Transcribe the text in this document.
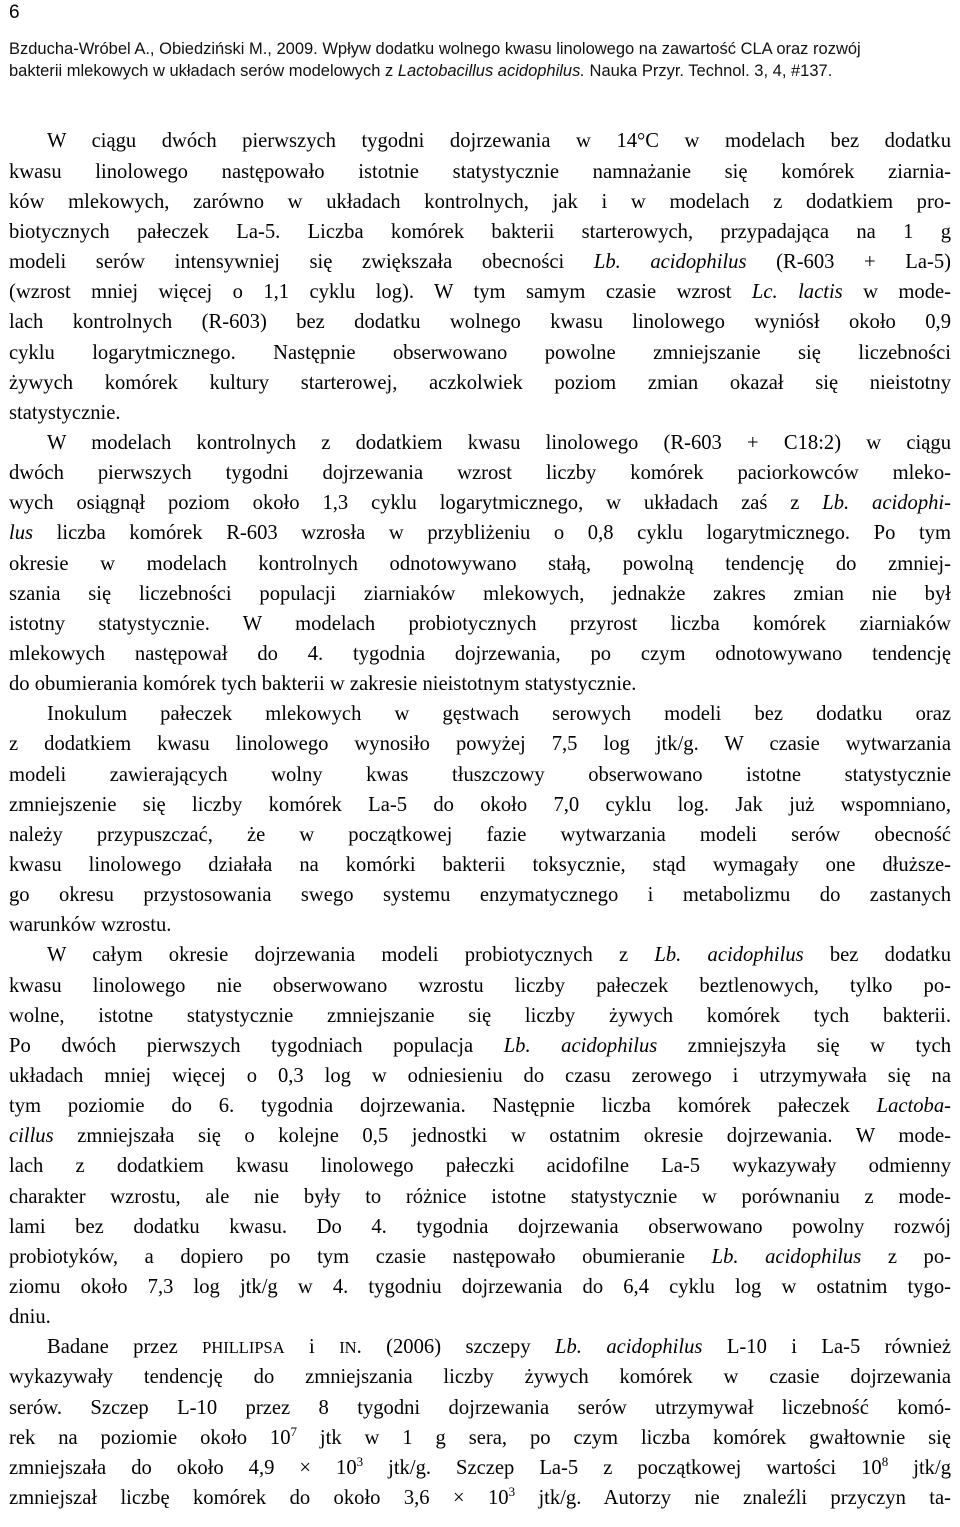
6
Bzducha-Wróbel A., Obiedziński M., 2009. Wpływ dodatku wolnego kwasu linolowego na zawartość CLA oraz rozwój
bakterii mlekowych w układach serów modelowych z Lactobacillus acidophilus. Nauka Przyr. Technol. 3, 4, #137.
W ciągu dwóch pierwszych tygodni dojrzewania w 14°C w modelach bez dodatku
kwasu linolowego następowało istotnie statystycznie namnażanie się komórek ziarnia-
ków mlekowych, zarówno w układach kontrolnych, jak i w modelach z dodatkiem pro-
biotycznych pałeczek La-5. Liczba komórek bakterii starterowych, przypadająca na 1 g
modeli serów intensywniej się zwiększała obecności Lb. acidophilus (R-603 + La-5)
(wzrost mniej więcej o 1,1 cyklu log). W tym samym czasie wzrost Lc. lactis w mode-
lach kontrolnych (R-603) bez dodatku wolnego kwasu linolowego wyniósł około 0,9
cyklu logarytmicznego. Następnie obserwowano powolne zmniejszanie się liczebności
żywych komórek kultury starterowej, aczkolwiek poziom zmian okazał się nieistotny
statystycznie.
W modelach kontrolnych z dodatkiem kwasu linolowego (R-603 + C18:2) w ciągu
dwóch pierwszych tygodni dojrzewania wzrost liczby komórek paciorkowców mleko-
wych osiągnął poziom około 1,3 cyklu logarytmicznego, w układach zaś z Lb. acidophi-
lus liczba komórek R-603 wzrosła w przybliżeniu o 0,8 cyklu logarytmicznego. Po tym
okresie w modelach kontrolnych odnotowywano stałą, powolną tendencję do zmniej-
szania się liczebności populacji ziarniaków mlekowych, jednakże zakres zmian nie był
istotny statystycznie. W modelach probiotycznych przyrost liczba komórek ziarniaków
mlekowych następował do 4. tygodnia dojrzewania, po czym odnotowywano tendencję
do obumierania komórek tych bakterii w zakresie nieistotnym statystycznie.
Inokulum pałeczek mlekowych w gęstwach serowych modeli bez dodatku oraz
z dodatkiem kwasu linolowego wynosiło powyżej 7,5 log jtk/g. W czasie wytwarzania
modeli zawierających wolny kwas tłuszczowy obserwowano istotne statystycznie
zmniejszenie się liczby komórek La-5 do około 7,0 cyklu log. Jak już wspomniano,
należy przypuszczać, że w początkowej fazie wytwarzania modeli serów obecność
kwasu linolowego działała na komórki bakterii toksycznie, stąd wymagały one dłuższe-
go okresu przystosowania swego systemu enzymatycznego i metabolizmu do zastanych
warunków wzrostu.
W całym okresie dojrzewania modeli probiotycznych z Lb. acidophilus bez dodatku
kwasu linolowego nie obserwowano wzrostu liczby pałeczek beztlenowych, tylko po-
wolne, istotne statystycznie zmniejszanie się liczby żywych komórek tych bakterii.
Po dwóch pierwszych tygodniach populacja Lb. acidophilus zmniejszyła się w tych
układach mniej więcej o 0,3 log w odniesieniu do czasu zerowego i utrzymywała się na
tym poziomie do 6. tygodnia dojrzewania. Następnie liczba komórek pałeczek Lactoba-
cillus zmniejszała się o kolejne 0,5 jednostki w ostatnim okresie dojrzewania. W mode-
lach z dodatkiem kwasu linolowego pałeczki acidofilne La-5 wykazywały odmienny
charakter wzrostu, ale nie były to różnice istotne statystycznie w porównaniu z mode-
lami bez dodatku kwasu. Do 4. tygodnia dojrzewania obserwowano powolny rozwój
probiotyków, a dopiero po tym czasie następowało obumieranie Lb. acidophilus z po-
ziomu około 7,3 log jtk/g w 4. tygodniu dojrzewania do 6,4 cyklu log w ostatnim tygo-
dniu.
Badane przez PHILLIPSA i IN. (2006) szczepy Lb. acidophilus L-10 i La-5 również
wykazywały tendencję do zmniejszania liczby żywych komórek w czasie dojrzewania
serów. Szczep L-10 przez 8 tygodni dojrzewania serów utrzymywał liczebność komó-
rek na poziomie około $10^7$ jtk w 1 g sera, po czym liczba komórek gwałtownie się
zmniejszała do około $4,9 \times 10^3$ jtk/g. Szczep La-5 z początkowej wartości $10^8$ jtk/g
zmniejszał liczbę komórek do około $3,6 \times 10^3$ jtk/g. Autorzy nie znaleźli przyczyn ta-
